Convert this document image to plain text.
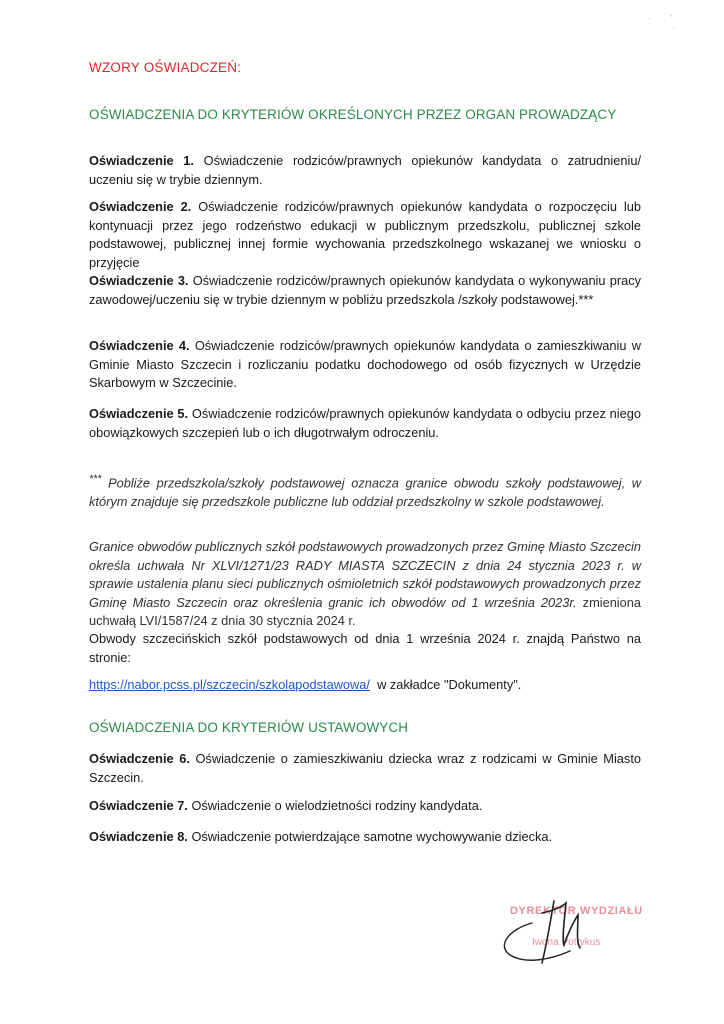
·         '
·
WZORY OŚWIADCZEŃ:
OŚWIADCZENIA DO KRYTERIÓW OKREŚLONYCH PRZEZ ORGAN PROWADZĄCY
Oświadczenie 1. Oświadczenie rodziców/prawnych opiekunów kandydata o zatrudnieniu/ uczeniu się w trybie dziennym.
Oświadczenie 2. Oświadczenie rodziców/prawnych opiekunów kandydata o rozpoczęciu lub kontynuacji przez jego rodzeństwo edukacji w publicznym przedszkolu, publicznej szkole podstawowej, publicznej innej formie wychowania przedszkolnego wskazanej we wniosku o przyjęcie
Oświadczenie 3. Oświadczenie rodziców/prawnych opiekunów kandydata o wykonywaniu pracy zawodowej/uczeniu się w trybie dziennym w pobliżu przedszkola /szkoły podstawowej.***
Oświadczenie 4. Oświadczenie rodziców/prawnych opiekunów kandydata o zamieszkiwaniu w Gminie Miasto Szczecin i rozliczaniu podatku dochodowego od osób fizycznych w Urzędzie Skarbowym w Szczecinie.
Oświadczenie 5. Oświadczenie rodziców/prawnych opiekunów kandydata o odbyciu przez niego obowiązkowych szczepień lub o ich długotrwałym odroczeniu.
*** Pobliże przedszkola/szkoły podstawowej oznacza granice obwodu szkoły podstawowej, w którym znajduje się przedszkole publiczne lub oddział przedszkolny w szkole podstawowej.
Granice obwodów publicznych szkół podstawowych prowadzonych przez Gminę Miasto Szczecin określa uchwała Nr XLVI/1271/23 RADY MIASTA SZCZECIN z dnia 24 stycznia 2023 r. w sprawie ustalenia planu sieci publicznych ośmioletnich szkół podstawowych prowadzonych przez Gminę Miasto Szczecin oraz określenia granic ich obwodów od 1 września 2023r. zmieniona uchwałą LVI/1587/24 z dnia 30 stycznia 2024 r.
Obwody szczecińskich szkół podstawowych od dnia 1 września 2024 r. znajdą Państwo na stronie:
https://nabor.pcss.pl/szczecin/szkolapodstawowa/ w zakładce "Dokumenty".
OŚWIADCZENIA DO KRYTERIÓW USTAWOWYCH
Oświadczenie 6. Oświadczenie o zamieszkiwaniu dziecka wraz z rodzicami w Gminie Miasto Szczecin.
Oświadczenie 7. Oświadczenie o wielodzietności rodziny kandydata.
Oświadczenie 8. Oświadczenie potwierdzające samotne wychowywanie dziecka.
DYREKTOR WYDZIAŁU
Iwona Potrykus
